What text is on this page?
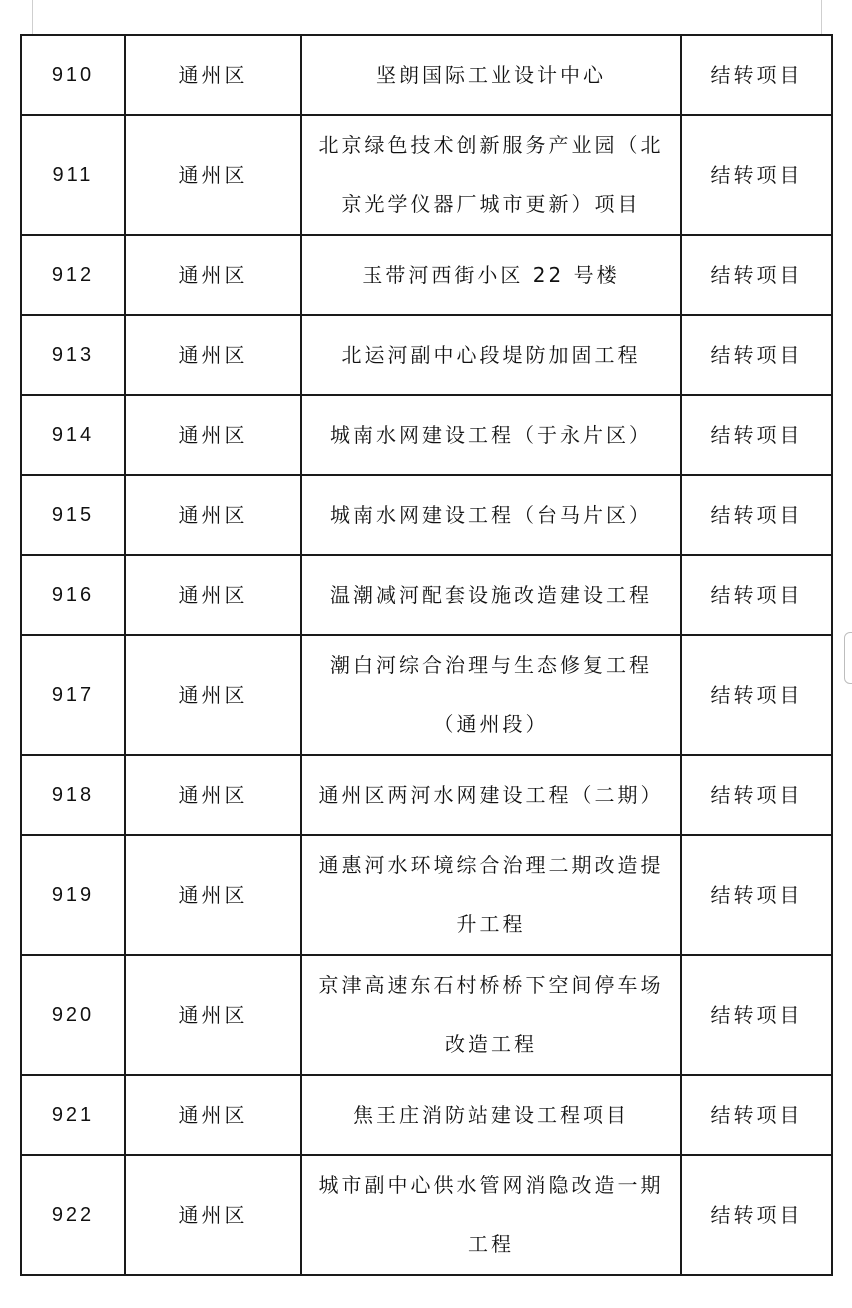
910	通州区	坚朗国际工业设计中心	结转项目
911	通州区	北京绿色技术创新服务产业园（北京光学仪器厂城市更新）项目	结转项目
912	通州区	玉带河西街小区 22 号楼	结转项目
913	通州区	北运河副中心段堤防加固工程	结转项目
914	通州区	城南水网建设工程（于永片区）	结转项目
915	通州区	城南水网建设工程（台马片区）	结转项目
916	通州区	温潮减河配套设施改造建设工程	结转项目
917	通州区	潮白河综合治理与生态修复工程（通州段）	结转项目
918	通州区	通州区两河水网建设工程（二期）	结转项目
919	通州区	通惠河水环境综合治理二期改造提升工程	结转项目
920	通州区	京津高速东石村桥桥下空间停车场改造工程	结转项目
921	通州区	焦王庄消防站建设工程项目	结转项目
922	通州区	城市副中心供水管网消隐改造一期工程	结转项目
